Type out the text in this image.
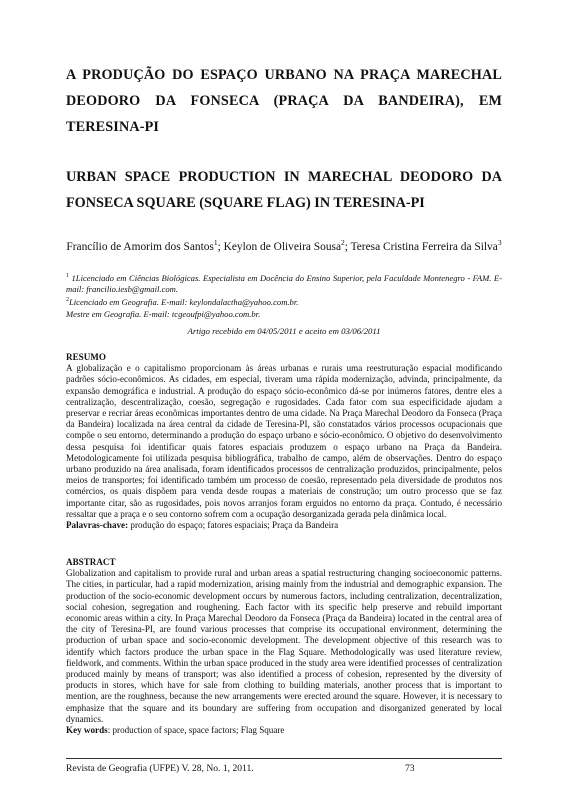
A PRODUÇÃO DO ESPAÇO URBANO NA PRAÇA MARECHAL DEODORO DA FONSECA (PRAÇA DA BANDEIRA), EM TERESINA-PI
URBAN SPACE PRODUCTION IN MARECHAL DEODORO DA FONSECA SQUARE (SQUARE FLAG) IN TERESINA-PI
Francílio de Amorim dos Santos$^1$; Keylon de Oliveira Sousa$^2$; Teresa Cristina Ferreira da Silva$^3$

$^1$ 1Licenciado em Ciências Biológicas. Especialista em Docência do Ensino Superior, pela Faculdade Montenegro - FAM. E-mail: francilio.iesb@gmail.com.

$^2$Licenciado em Geografia. E-mail: keylondalactha@yahoo.com.br.

Mestre em Geografia. E-mail: tcgeoufpi@yahoo.com.br.

Artigo recebido em 04/05/2011 e aceito em 03/06/2011
RESUMO

A globalização e o capitalismo proporcionam às áreas urbanas e rurais uma reestruturação espacial modificando padrões sócio-econômicos. As cidades, em especial, tiveram uma rápida modernização, advinda, principalmente, da expansão demográfica e industrial. A produção do espaço sócio-econômico dá-se por inúmeros fatores, dentre eles a centralização, descentralização, coesão, segregação e rugosidades. Cada fator com sua especificidade ajudam a preservar e recriar áreas econômicas importantes dentro de uma cidade. Na Praça Marechal Deodoro da Fonseca (Praça da Bandeira) localizada na área central da cidade de Teresina-PI, são constatados vários processos ocupacionais que compõe o seu entorno, determinando a produção do espaço urbano e sócio-econômico. O objetivo do desenvolvimento dessa pesquisa foi identificar quais fatores espaciais produzem o espaço urbano na Praça da Bandeira. Metodologicamente foi utilizada pesquisa bibliográfica, trabalho de campo, além de observações. Dentro do espaço urbano produzido na área analisada, foram identificados processos de centralização produzidos, principalmente, pelos meios de transportes; foi identificado também um processo de coesão, representado pela diversidade de produtos nos comércios, os quais dispõem para venda desde roupas a materiais de construção; um outro processo que se faz importante citar, são as rugosidades, pois novos arranjos foram erguidos no entorno da praça. Contudo, é necessário ressaltar que a praça e o seu contorno sofrem com a ocupação desorganizada gerada pela dinâmica local.

Palavras-chave: produção do espaço; fatores espaciais; Praça da Bandeira

ABSTRACT

Globalization and capitalism to provide rural and urban areas a spatial restructuring changing socioeconomic patterns. The cities, in particular, had a rapid modernization, arising mainly from the industrial and demographic expansion. The production of the socio-economic development occurs by numerous factors, including centralization, decentralization, social cohesion, segregation and roughening. Each factor with its specific help preserve and rebuild important economic areas within a city. In Praça Marechal Deodoro da Fonseca (Praça da Bandeira) located in the central area of the city of Teresina-PI, are found various processes that comprise its occupational environment, determining the production of urban space and socio-economic development. The development objective of this research was to identify which factors produce the urban space in the Flag Square. Methodologically was used literature review, fieldwork, and comments. Within the urban space produced in the study area were identified processes of centralization produced mainly by means of transport; was also identified a process of cohesion, represented by the diversity of products in stores, which have for sale from clothing to building materials, another process that is important to mention, are the roughness, because the new arrangements were erected around the square. However, it is necessary to emphasize that the square and its boundary are suffering from occupation and disorganized generated by local dynamics.

Key words: production of space, space factors; Flag Square

Revista de Geografia (UFPE) V. 28, No. 1, 2011.	73
